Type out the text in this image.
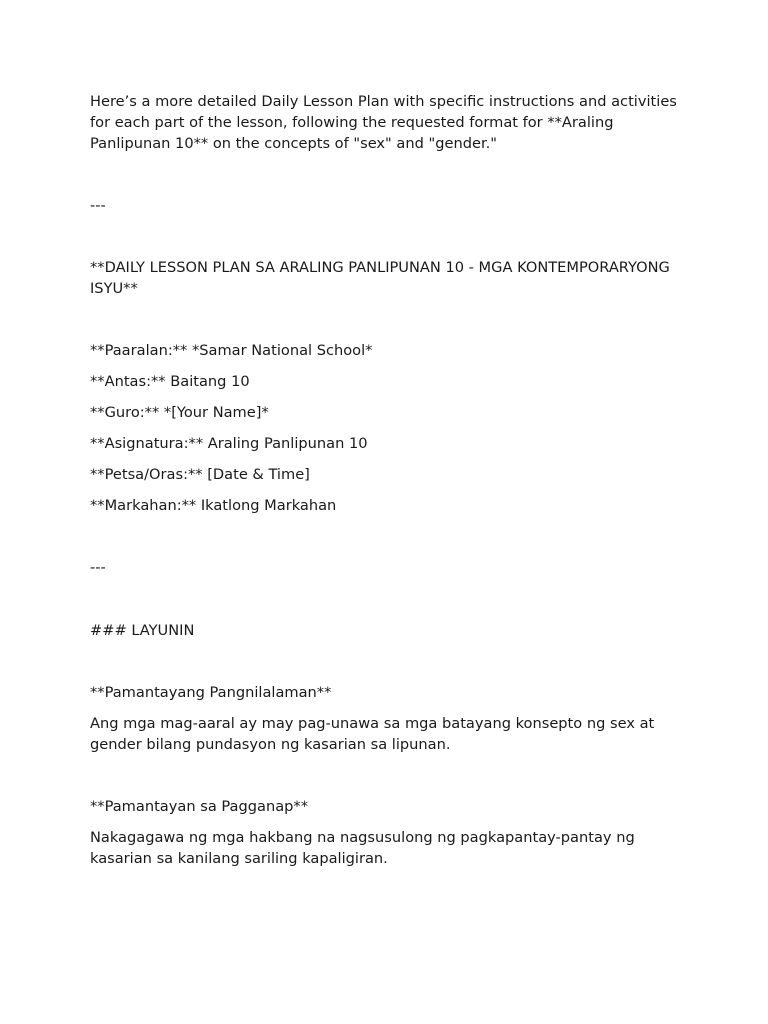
Here’s a more detailed Daily Lesson Plan with specific instructions and activities for each part of the lesson, following the requested format for **Araling Panlipunan 10** on the concepts of "sex" and "gender."

---

**DAILY LESSON PLAN SA ARALING PANLIPUNAN 10 - MGA KONTEMPORARYONG ISYU**

**Paaralan:** *Samar National School*

**Antas:** Baitang 10

**Guro:** *[Your Name]*

**Asignatura:** Araling Panlipunan 10

**Petsa/Oras:** [Date & Time]

**Markahan:** Ikatlong Markahan

---

### LAYUNIN

**Pamantayang Pangnilalaman**

Ang mga mag-aaral ay may pag-unawa sa mga batayang konsepto ng sex at gender bilang pundasyon ng kasarian sa lipunan.

**Pamantayan sa Pagganap**

Nakagagawa ng mga hakbang na nagsusulong ng pagkapantay-pantay ng kasarian sa kanilang sariling kapaligiran.
